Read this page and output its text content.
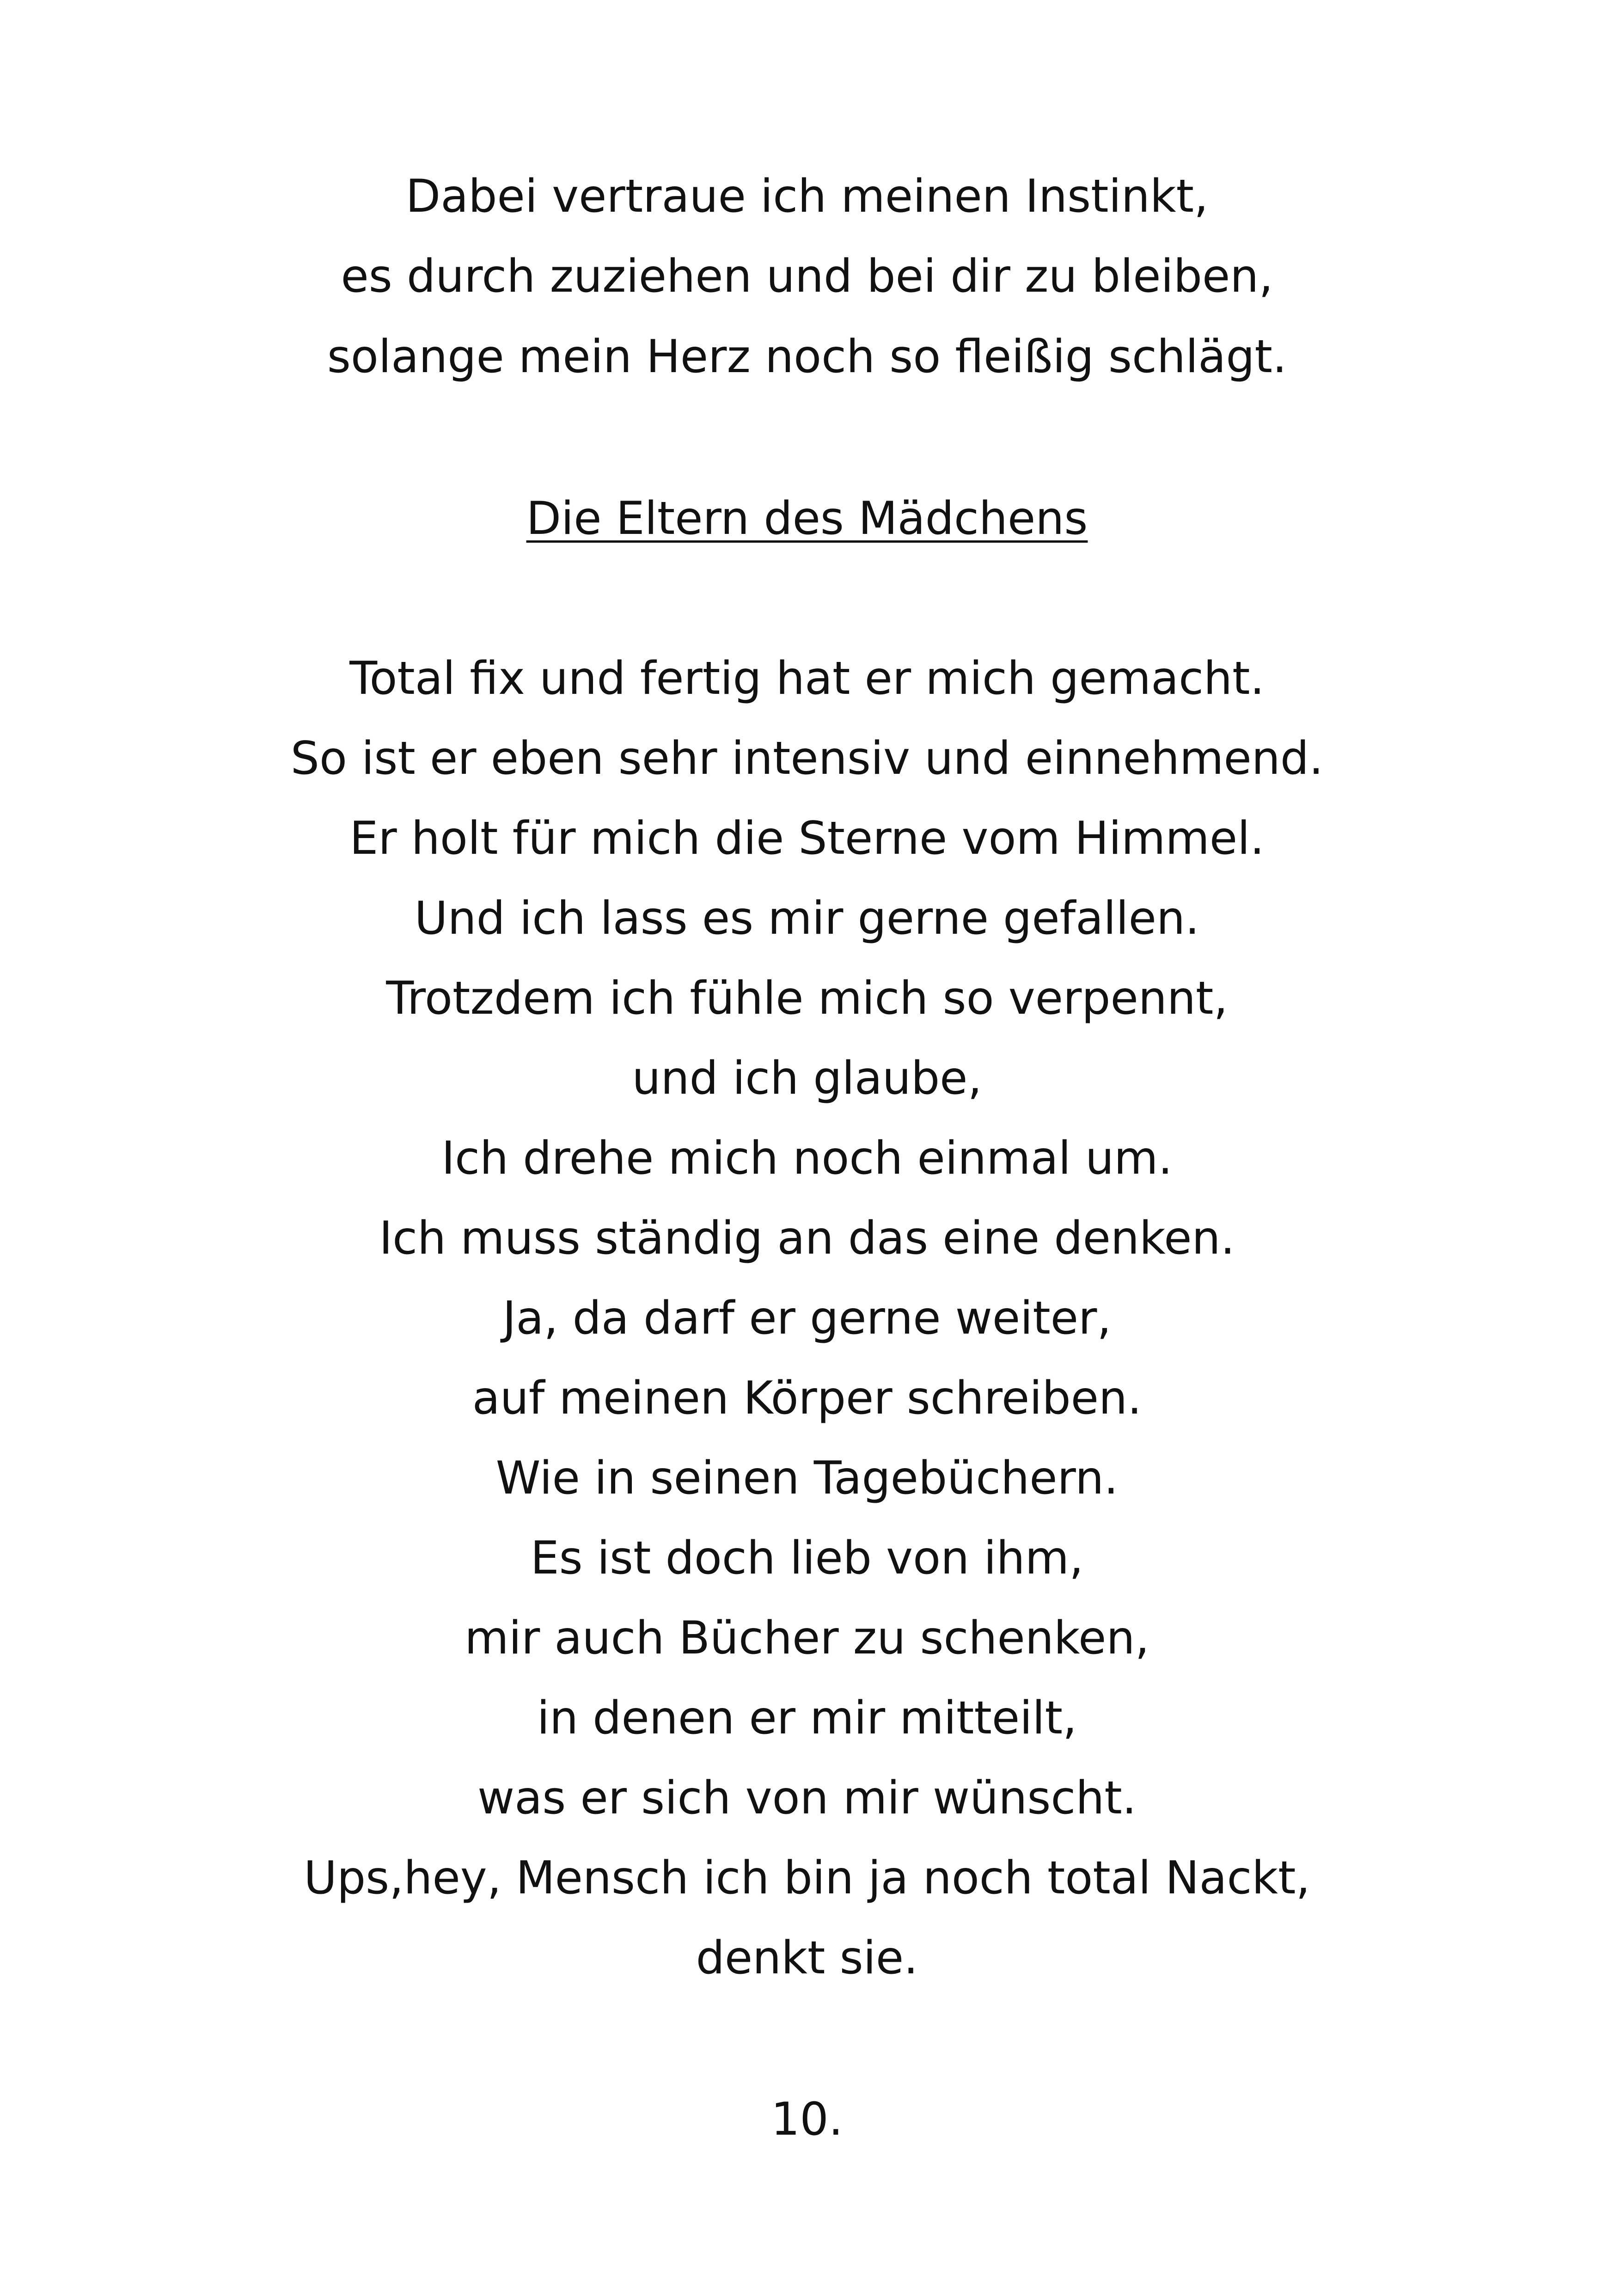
Dabei vertraue ich meinen Instinkt,
es durch zuziehen und bei dir zu bleiben,
solange mein Herz noch so fleißig schlägt.
Die Eltern des Mädchens
Total fix und fertig hat er mich gemacht.
So ist er eben sehr intensiv und einnehmend.
Er holt für mich die Sterne vom Himmel.
Und ich lass es mir gerne gefallen.
Trotzdem ich fühle mich so verpennt,
und ich glaube,
Ich drehe mich noch einmal um.
Ich muss ständig an das eine denken.
Ja, da darf er gerne weiter,
auf meinen Körper schreiben.
Wie in seinen Tagebüchern.
Es ist doch lieb von ihm,
mir auch Bücher zu schenken,
in denen er mir mitteilt,
was er sich von mir wünscht.
Ups,hey, Mensch ich bin ja noch total Nackt,
denkt sie.
10.
